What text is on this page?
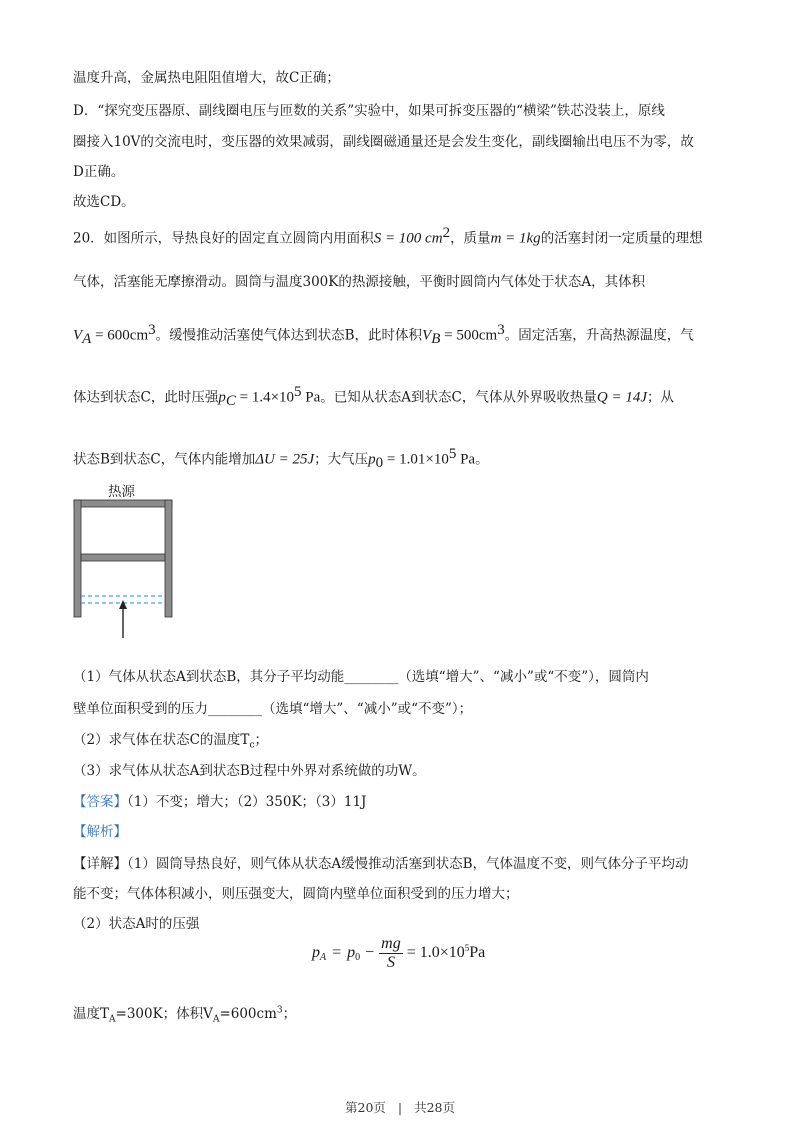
温度升高，金属热电阻阻值增大，故C正确；
D．“探究变压器原、副线圈电压与匝数的关系”实验中，如果可拆变压器的“横梁”铁芯没装上，原线
圈接入10V的交流电时，变压器的效果减弱，副线圈磁通量还是会发生变化，副线圈输出电压不为零，故
D正确。
故选CD。
20．如图所示，导热良好的固定直立圆筒内用面积S = 100 $cm^2$，质量m = 1kg的活塞封闭一定质量的理想
气体，活塞能无摩擦滑动。圆筒与温度300K的热源接触，平衡时圆筒内气体处于状态A，其体积
$V_A = 600cm^3$。缓慢推动活塞使气体达到状态B，此时体积$V_B = 500cm^3$。固定活塞，升高热源温度，气
体达到状态C，此时压强$p_C = 1.4\times 10^5$ Pa。已知从状态A到状态C，气体从外界吸收热量Q = 14J；从
状态B到状态C，气体内能增加ΔU = 25J；大气压$p_0 = 1.01\times 10^5$ Pa。
热源
（1）气体从状态A到状态B，其分子平均动能________（选填“增大”、“减小”或“不变”），圆筒内
壁单位面积受到的压力________（选填“增大”、“减小”或“不变”）；
（2）求气体在状态C的温度$T_c$；
（3）求气体从状态A到状态B过程中外界对系统做的功W。
【答案】（1）不变；增大；（2）350K；（3）11J
【解析】
【详解】（1）圆筒导热良好，则气体从状态A缓慢推动活塞到状态B，气体温度不变，则气体分子平均动
能不变；气体体积减小，则压强变大，圆筒内壁单位面积受到的压力增大；
（2）状态A时的压强
$p_A = p_0 - \frac{mg}{S} = 1.0\times 10^5$ Pa
温度$T_A=300K$；体积$V_A=600cm^3$；
第20页 | 共28页
